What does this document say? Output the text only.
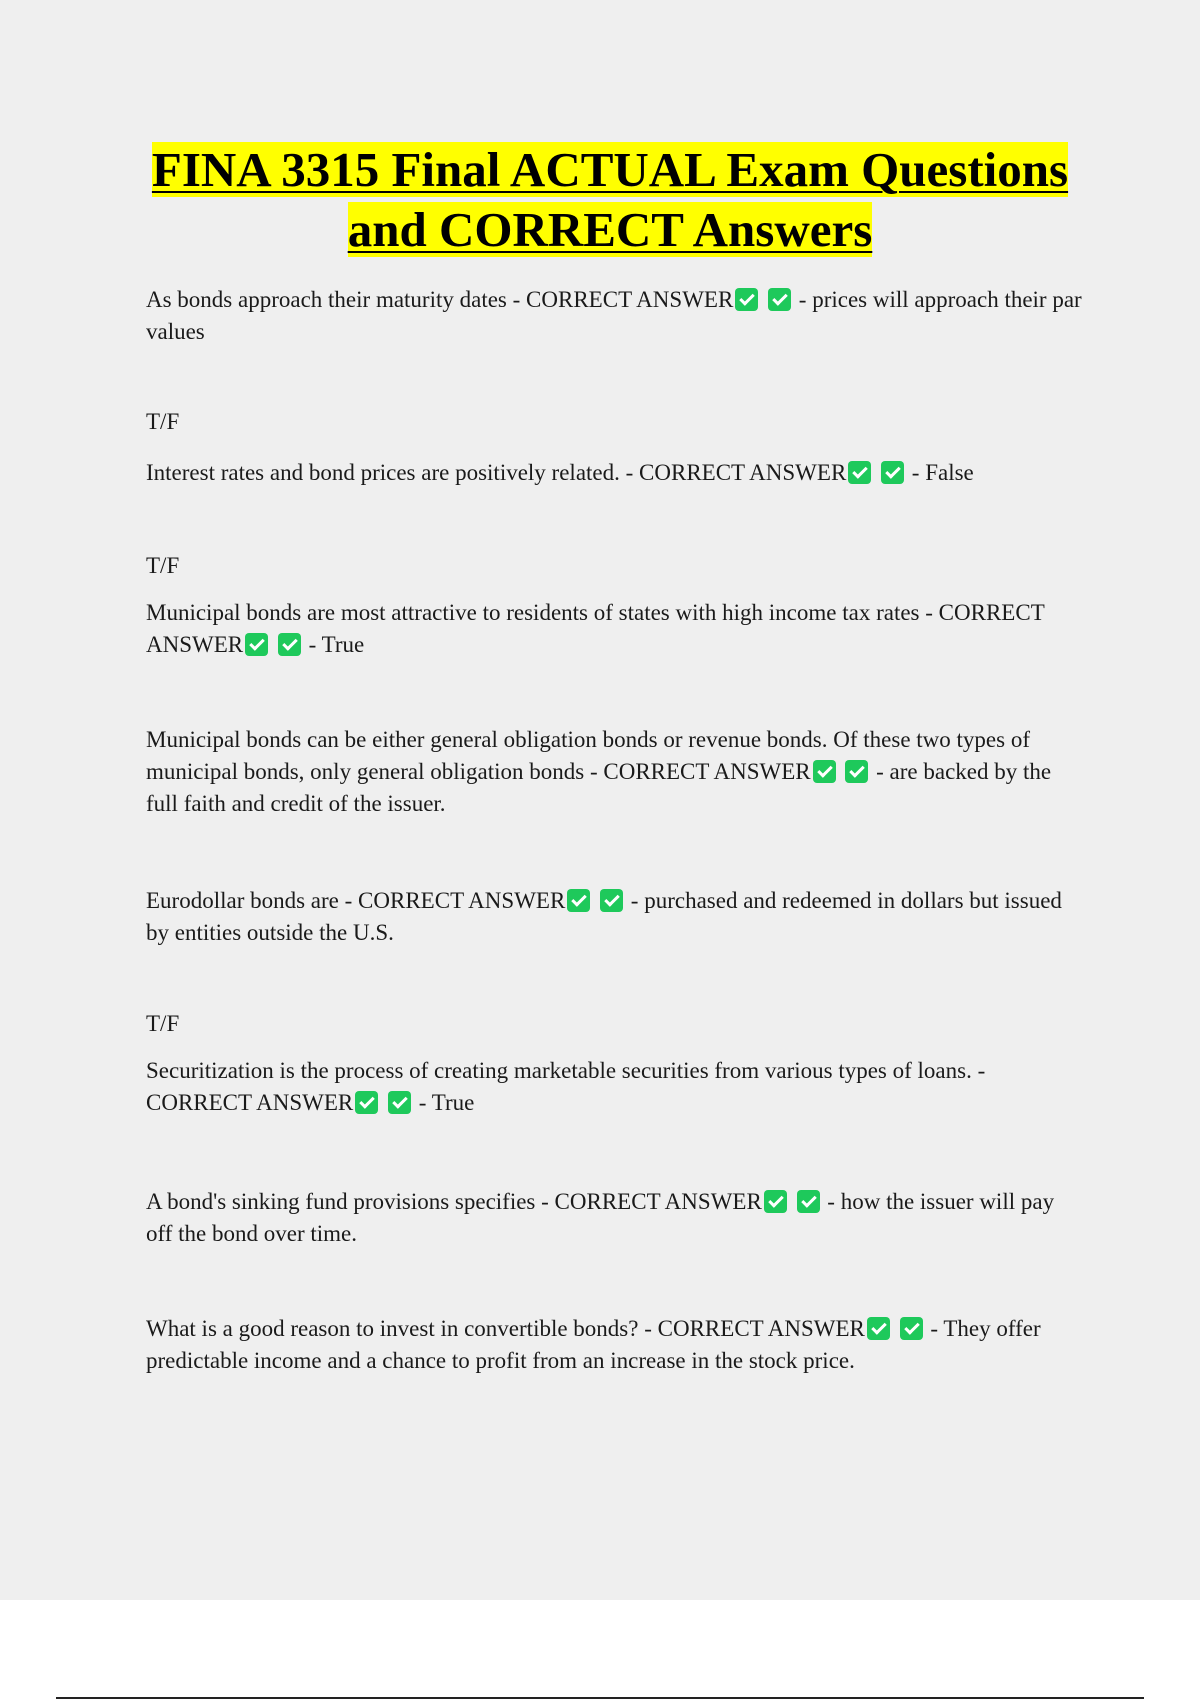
FINA 3315 Final ACTUAL Exam Questions
and CORRECT Answers
As bonds approach their maturity dates - CORRECT ANSWER	- prices will approach their par values
T/F
Interest rates and bond prices are positively related. - CORRECT ANSWER	- False
T/F
Municipal bonds are most attractive to residents of states with high income tax rates - CORRECT ANSWER	- True
Municipal bonds can be either general obligation bonds or revenue bonds. Of these two types of municipal bonds, only general obligation bonds - CORRECT ANSWER	- are backed by the full faith and credit of the issuer.
Eurodollar bonds are - CORRECT ANSWER	- purchased and redeemed in dollars but issued by entities outside the U.S.
T/F
Securitization is the process of creating marketable securities from various types of loans. - CORRECT ANSWER	- True
A bond's sinking fund provisions specifies - CORRECT ANSWER	- how the issuer will pay off the bond over time.
What is a good reason to invest in convertible bonds? - CORRECT ANSWER	- They offer predictable income and a chance to profit from an increase in the stock price.
